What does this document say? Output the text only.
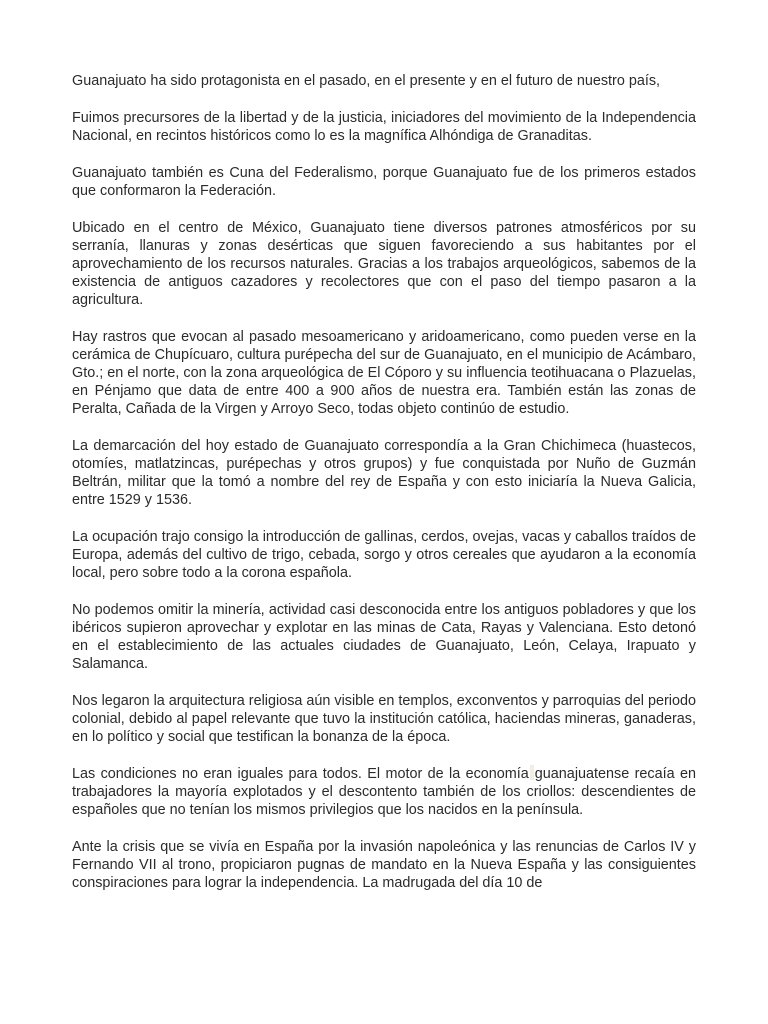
Guanajuato ha sido protagonista en el pasado, en el presente y en el futuro de nuestro país,

Fuimos precursores de la libertad y de la justicia, iniciadores del movimiento de la Independencia Nacional, en recintos históricos como lo es la magnífica Alhóndiga de Granaditas.

Guanajuato también es Cuna del Federalismo, porque Guanajuato fue de los primeros estados que conformaron la Federación.

Ubicado en el centro de México, Guanajuato tiene diversos patrones atmosféricos por su serranía, llanuras y zonas desérticas que siguen favoreciendo a sus habitantes por el aprovechamiento de los recursos naturales. Gracias a los trabajos arqueológicos, sabemos de la existencia de antiguos cazadores y recolectores que con el paso del tiempo pasaron a la agricultura.

Hay rastros que evocan al pasado mesoamericano y aridoamericano, como pueden verse en la cerámica de Chupícuaro, cultura purépecha del sur de Guanajuato, en el municipio de Acámbaro, Gto.; en el norte, con la zona arqueológica de El Cóporo y su influencia teotihuacana o Plazuelas, en Pénjamo que data de entre 400 a 900 años de nuestra era. También están las zonas de Peralta, Cañada de la Virgen y Arroyo Seco, todas objeto continúo de estudio.

La demarcación del hoy estado de Guanajuato correspondía a la Gran Chichimeca (huastecos, otomíes, matlatzincas, purépechas y otros grupos) y fue conquistada por Nuño de Guzmán Beltrán, militar que la tomó a nombre del rey de España y con esto iniciaría la Nueva Galicia, entre 1529 y 1536.

La ocupación trajo consigo la introducción de gallinas, cerdos, ovejas, vacas y caballos traídos de Europa, además del cultivo de trigo, cebada, sorgo y otros cereales que ayudaron a la economía local, pero sobre todo a la corona española.

No podemos omitir la minería, actividad casi desconocida entre los antiguos pobladores y que los ibéricos supieron aprovechar y explotar en las minas de Cata, Rayas y Valenciana. Esto detonó en el establecimiento de las actuales ciudades de Guanajuato, León, Celaya, Irapuato y Salamanca.

Nos legaron la arquitectura religiosa aún visible en templos, exconventos y parroquias del periodo colonial, debido al papel relevante que tuvo la institución católica, haciendas mineras, ganaderas, en lo político y social que testifican la bonanza de la época.

Las condiciones no eran iguales para todos. El motor de la economía guanajuatense recaía en trabajadores la mayoría explotados y el descontento también de los criollos: descendientes de españoles que no tenían los mismos privilegios que los nacidos en la península.

Ante la crisis que se vivía en España por la invasión napoleónica y las renuncias de Carlos IV y Fernando VII al trono, propiciaron pugnas de mandato en la Nueva España y las consiguientes conspiraciones para lograr la independencia. La madrugada del día 10 de
